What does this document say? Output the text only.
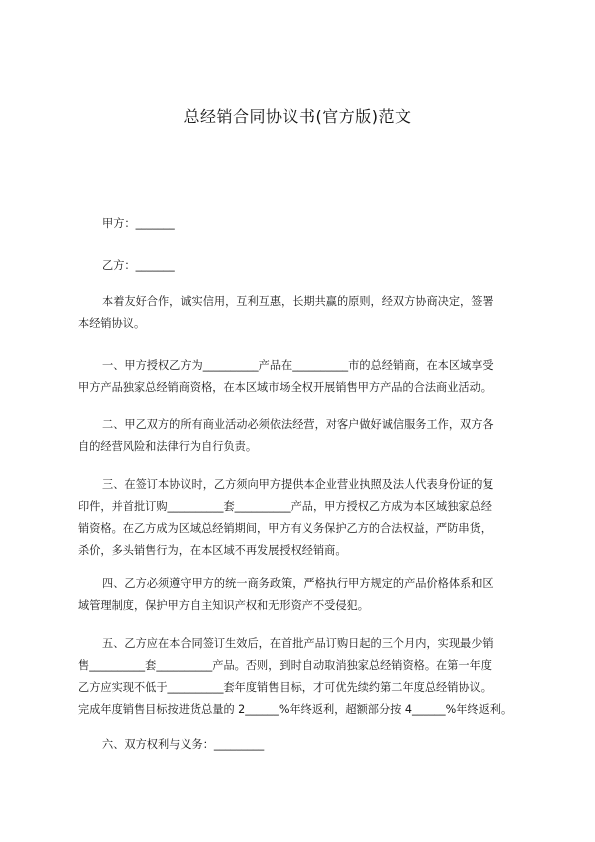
总经销合同协议书(官方版)范文

甲方：_______

乙方：_______

本着友好合作，诚实信用，互利互惠，长期共赢的原则，经双方协商决定，签署
本经销协议。
一、甲方授权乙方为__________产品在__________市的总经销商，在本区域享受
甲方产品独家总经销商资格，在本区域市场全权开展销售甲方产品的合法商业活动。
二、甲乙双方的所有商业活动必须依法经营，对客户做好诚信服务工作，双方各
自的经营风险和法律行为自行负责。
三、在签订本协议时，乙方须向甲方提供本企业营业执照及法人代表身份证的复
印件，并首批订购__________套__________产品，甲方授权乙方成为本区域独家总经
销资格。在乙方成为区域总经销期间，甲方有义务保护乙方的合法权益，严防串货，
杀价，多头销售行为，在本区域不再发展授权经销商。
四、乙方必须遵守甲方的统一商务政策，严格执行甲方规定的产品价格体系和区
域管理制度，保护甲方自主知识产权和无形资产不受侵犯。
五、乙方应在本合同签订生效后，在首批产品订购日起的三个月内，实现最少销
售__________套__________产品。否则，到时自动取消独家总经销资格。在第一年度
乙方应实现不低于__________套年度销售目标，才可优先续约第二年度总经销协议。
完成年度销售目标按进货总量的 2______%年终返利，超额部分按 4______%年终返利。

六、双方权利与义务：_________
